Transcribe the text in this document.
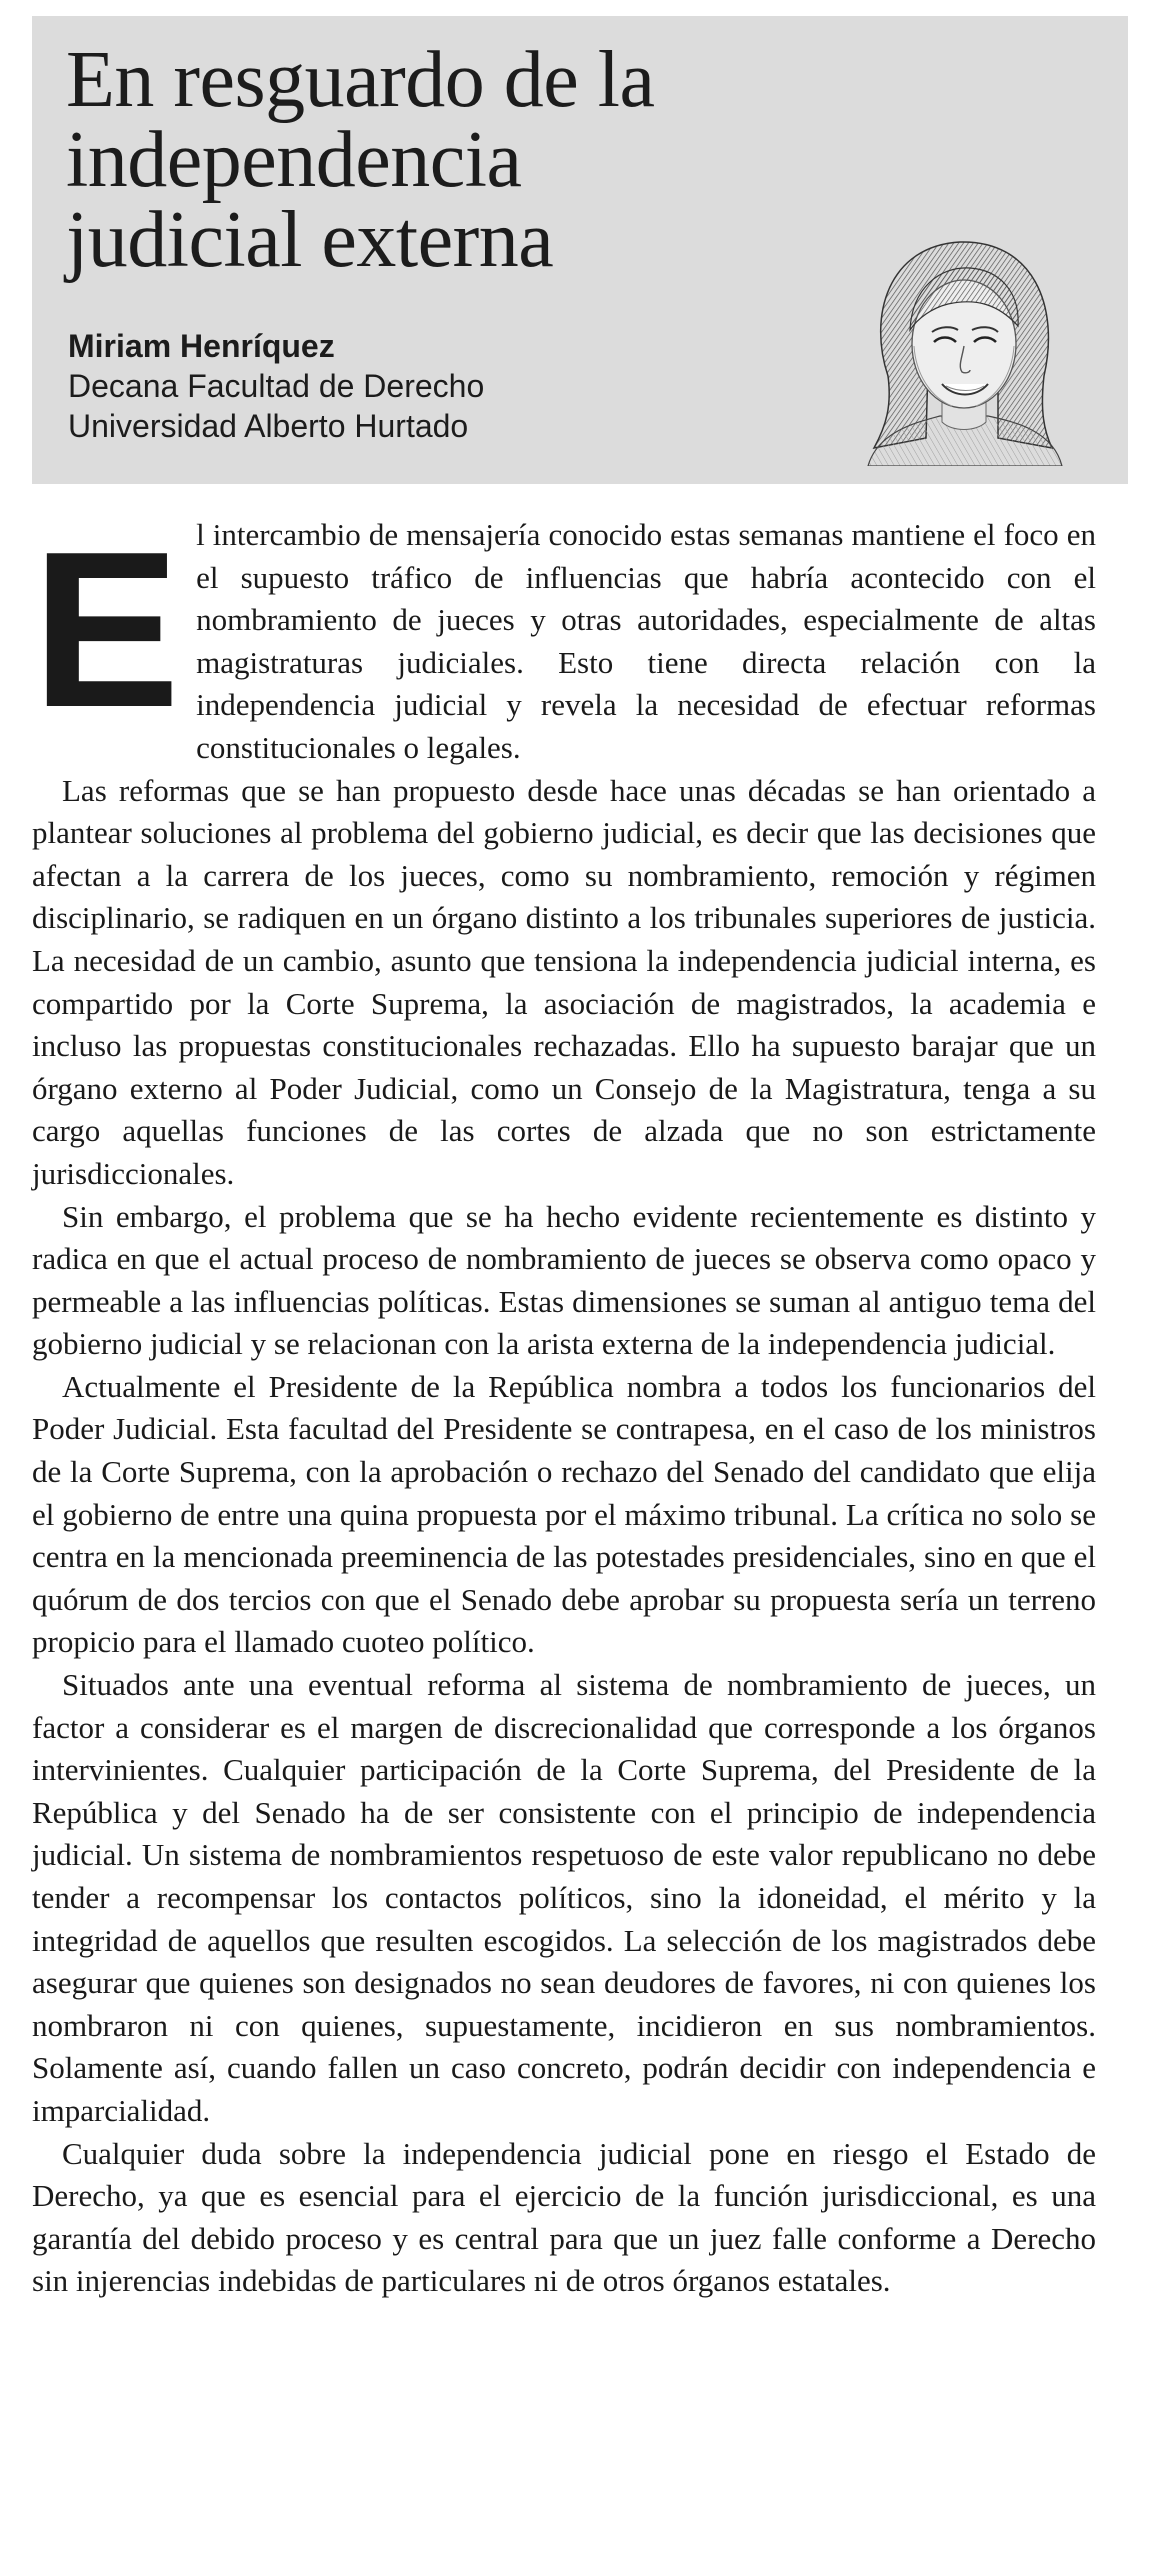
En resguardo de la
independencia
judicial externa

Miriam Henríquez

Decana Facultad de Derecho

Universidad Alberto Hurtado

El intercambio de mensajería conocido estas semanas mantiene el foco en el supuesto tráfico de influencias que habría acontecido con el nombramiento de jueces y otras autoridades, especialmente de altas magistraturas judiciales. Esto tiene directa relación con la independencia judicial y revela la necesidad de efectuar reformas constitucionales o legales.

Las reformas que se han propuesto desde hace unas décadas se han orientado a plantear soluciones al problema del gobierno judicial, es decir que las decisiones que afectan a la carrera de los jueces, como su nombramiento, remoción y régimen disciplinario, se radiquen en un órgano distinto a los tribunales superiores de justicia. La necesidad de un cambio, asunto que tensiona la independencia judicial interna, es compartido por la Corte Suprema, la asociación de magistrados, la academia e incluso las propuestas constitucionales rechazadas. Ello ha supuesto barajar que un órgano externo al Poder Judicial, como un Consejo de la Magistratura, tenga a su cargo aquellas funciones de las cortes de alzada que no son estrictamente jurisdiccionales.

Sin embargo, el problema que se ha hecho evidente recientemente es distinto y radica en que el actual proceso de nombramiento de jueces se observa como opaco y permeable a las influencias políticas. Estas dimensiones se suman al antiguo tema del gobierno judicial y se relacionan con la arista externa de la independencia judicial.

Actualmente el Presidente de la República nombra a todos los funcionarios del Poder Judicial. Esta facultad del Presidente se contrapesa, en el caso de los ministros de la Corte Suprema, con la aprobación o rechazo del Senado del candidato que elija el gobierno de entre una quina propuesta por el máximo tribunal. La crítica no solo se centra en la mencionada preeminencia de las potestades presidenciales, sino en que el quórum de dos tercios con que el Senado debe aprobar su propuesta sería un terreno propicio para el llamado cuoteo político.

Situados ante una eventual reforma al sistema de nombramiento de jueces, un factor a considerar es el margen de discrecionalidad que corresponde a los órganos intervinientes. Cualquier participación de la Corte Suprema, del Presidente de la República y del Senado ha de ser consistente con el principio de independencia judicial. Un sistema de nombramientos respetuoso de este valor republicano no debe tender a recompensar los contactos políticos, sino la idoneidad, el mérito y la integridad de aquellos que resulten escogidos. La selección de los magistrados debe asegurar que quienes son designados no sean deudores de favores, ni con quienes los nombraron ni con quienes, supuestamente, incidieron en sus nombramientos. Solamente así, cuando fallen un caso concreto, podrán decidir con independencia e imparcialidad.

Cualquier duda sobre la independencia judicial pone en riesgo el Estado de Derecho, ya que es esencial para el ejercicio de la función jurisdiccional, es una garantía del debido proceso y es central para que un juez falle conforme a Derecho sin injerencias indebidas de particulares ni de otros órganos estatales.
